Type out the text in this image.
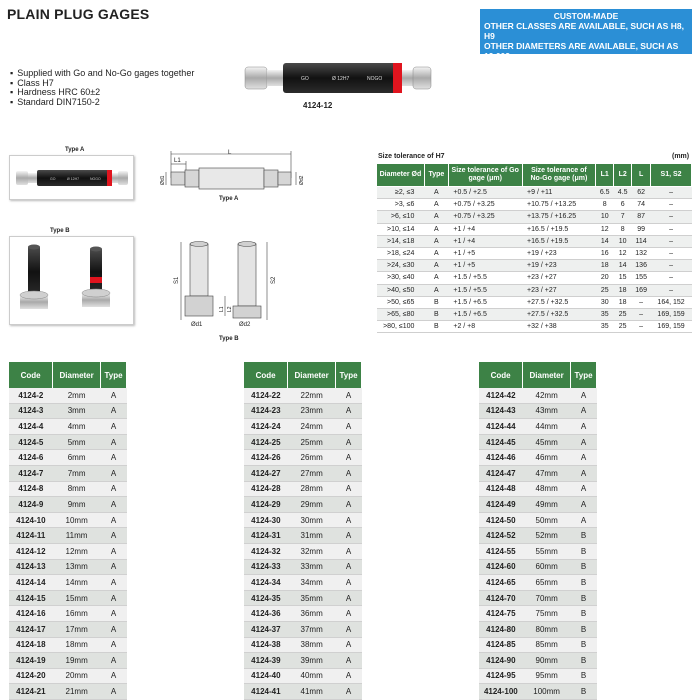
PLAIN PLUG GAGES	CUSTOM-MADE
OTHER CLASSES ARE AVAILABLE, SUCH AS H8, H9
OTHER DIAMETERS ARE AVAILABLE, SUCH AS 19.003mm
OTHER LENGTHS ARE AVAILABLE, SUCH AS 70mm
▪ Supplied with Go and No-Go gages together
▪ Class H7
▪ Hardness HRC 60±2
▪ Standard DIN7150-2
GO	Ø 12H7	NOGO
4124-12
Type A
GO	Ø 12H7	NOGO
L
L1
Ød1	Ød2
Type A
Type B
S1	S2
L1 L2
Ød1	Ød2
Type B
Size tolerance of H7	(mm)
Diameter Ød	Type	Size tolerance of Go gage (μm)	Size tolerance of No-Go gage (μm)	L1	L2	L	S1, S2
≥2, ≤3	A	+0.5 / +2.5	+9 / +11	6.5	4.5	62	–
>3, ≤6	A	+0.75 / +3.25	+10.75 / +13.25	8	6	74	–
>6, ≤10	A	+0.75 / +3.25	+13.75 / +16.25	10	7	87	–
>10, ≤14	A	+1 / +4	+16.5 / +19.5	12	8	99	–
>14, ≤18	A	+1 / +4	+16.5 / +19.5	14	10	114	–
>18, ≤24	A	+1 / +5	+19 / +23	16	12	132	–
>24, ≤30	A	+1 / +5	+19 / +23	18	14	136	–
>30, ≤40	A	+1.5 / +5.5	+23 / +27	20	15	155	–
>40, ≤50	A	+1.5 / +5.5	+23 / +27	25	18	169	–
>50, ≤65	B	+1.5 / +6.5	+27.5 / +32.5	30	18	–	164, 152
>65, ≤80	B	+1.5 / +6.5	+27.5 / +32.5	35	25	–	169, 159
>80, ≤100	B	+2 / +8	+32 / +38	35	25	–	169, 159
Code	Diameter	Type
4124-2	2mm	A
4124-3	3mm	A
4124-4	4mm	A
4124-5	5mm	A
4124-6	6mm	A
4124-7	7mm	A
4124-8	8mm	A
4124-9	9mm	A
4124-10	10mm	A
4124-11	11mm	A
4124-12	12mm	A
4124-13	13mm	A
4124-14	14mm	A
4124-15	15mm	A
4124-16	16mm	A
4124-17	17mm	A
4124-18	18mm	A
4124-19	19mm	A
4124-20	20mm	A
4124-21	21mm	A
Code	Diameter	Type
4124-22	22mm	A
4124-23	23mm	A
4124-24	24mm	A
4124-25	25mm	A
4124-26	26mm	A
4124-27	27mm	A
4124-28	28mm	A
4124-29	29mm	A
4124-30	30mm	A
4124-31	31mm	A
4124-32	32mm	A
4124-33	33mm	A
4124-34	34mm	A
4124-35	35mm	A
4124-36	36mm	A
4124-37	37mm	A
4124-38	38mm	A
4124-39	39mm	A
4124-40	40mm	A
4124-41	41mm	A
Code	Diameter	Type
4124-42	42mm	A
4124-43	43mm	A
4124-44	44mm	A
4124-45	45mm	A
4124-46	46mm	A
4124-47	47mm	A
4124-48	48mm	A
4124-49	49mm	A
4124-50	50mm	A
4124-52	52mm	B
4124-55	55mm	B
4124-60	60mm	B
4124-65	65mm	B
4124-70	70mm	B
4124-75	75mm	B
4124-80	80mm	B
4124-85	85mm	B
4124-90	90mm	B
4124-95	95mm	B
4124-100	100mm	B
